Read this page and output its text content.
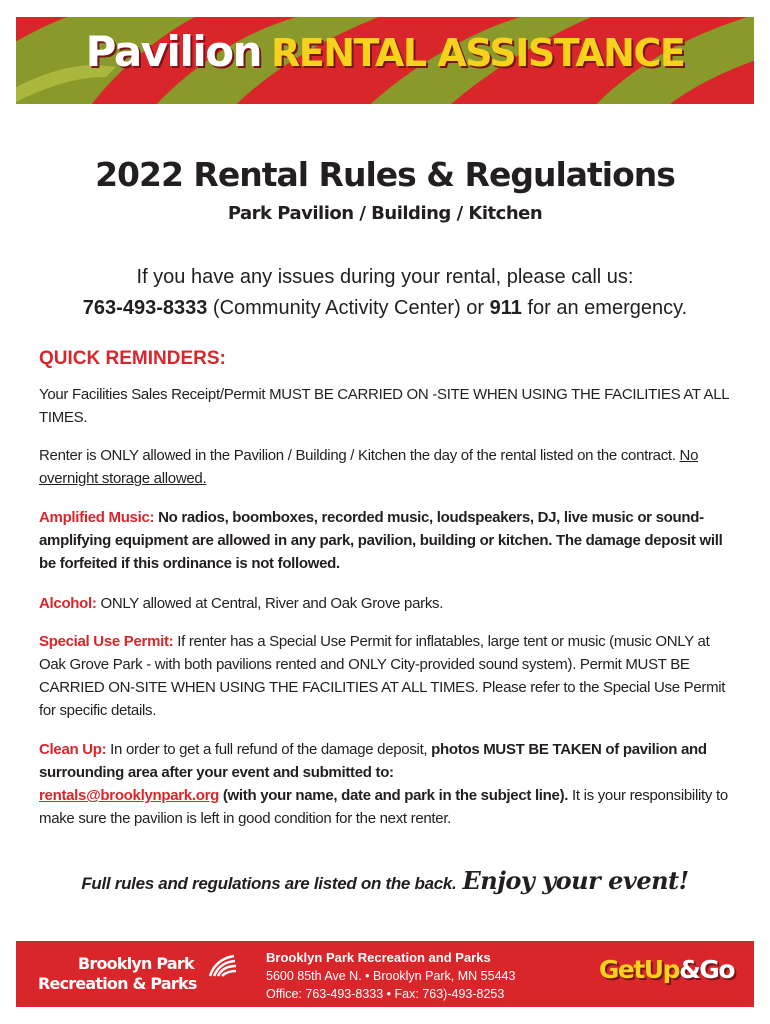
Pavilion RENTAL ASSISTANCE
2022 Rental Rules & Regulations
Park Pavilion / Building / Kitchen
If you have any issues during your rental, please call us:
763-493-8333 (Community Activity Center) or 911 for an emergency.
QUICK REMINDERS:
Your Facilities Sales Receipt/Permit MUST BE CARRIED ON -SITE WHEN USING THE FACILITIES AT ALL TIMES.
Renter is ONLY allowed in the Pavilion / Building / Kitchen the day of the rental listed on the contract. No overnight storage allowed.
Amplified Music: No radios, boomboxes, recorded music, loudspeakers, DJ, live music or sound-amplifying equipment are allowed in any park, pavilion, building or kitchen. The damage deposit will be forfeited if this ordinance is not followed.
Alcohol: ONLY allowed at Central, River and Oak Grove parks.
Special Use Permit: If renter has a Special Use Permit for inflatables, large tent or music (music ONLY at Oak Grove Park - with both pavilions rented and ONLY City-provided sound system). Permit MUST BE CARRIED ON-SITE WHEN USING THE FACILITIES AT ALL TIMES. Please refer to the Special Use Permit for specific details.
Clean Up: In order to get a full refund of the damage deposit, photos MUST BE TAKEN of pavilion and surrounding area after your event and submitted to:
rentals@brooklynpark.org (with your name, date and park in the subject line). It is your responsibility to make sure the pavilion is left in good condition for the next renter.
Full rules and regulations are listed on the back. Enjoy your event!
Brooklyn Park
Recreation & Parks
Brooklyn Park Recreation and Parks
5600 85th Ave N. • Brooklyn Park, MN 55443
Office: 763-493-8333 • Fax: 763)-493-8253
GetUp&Go
